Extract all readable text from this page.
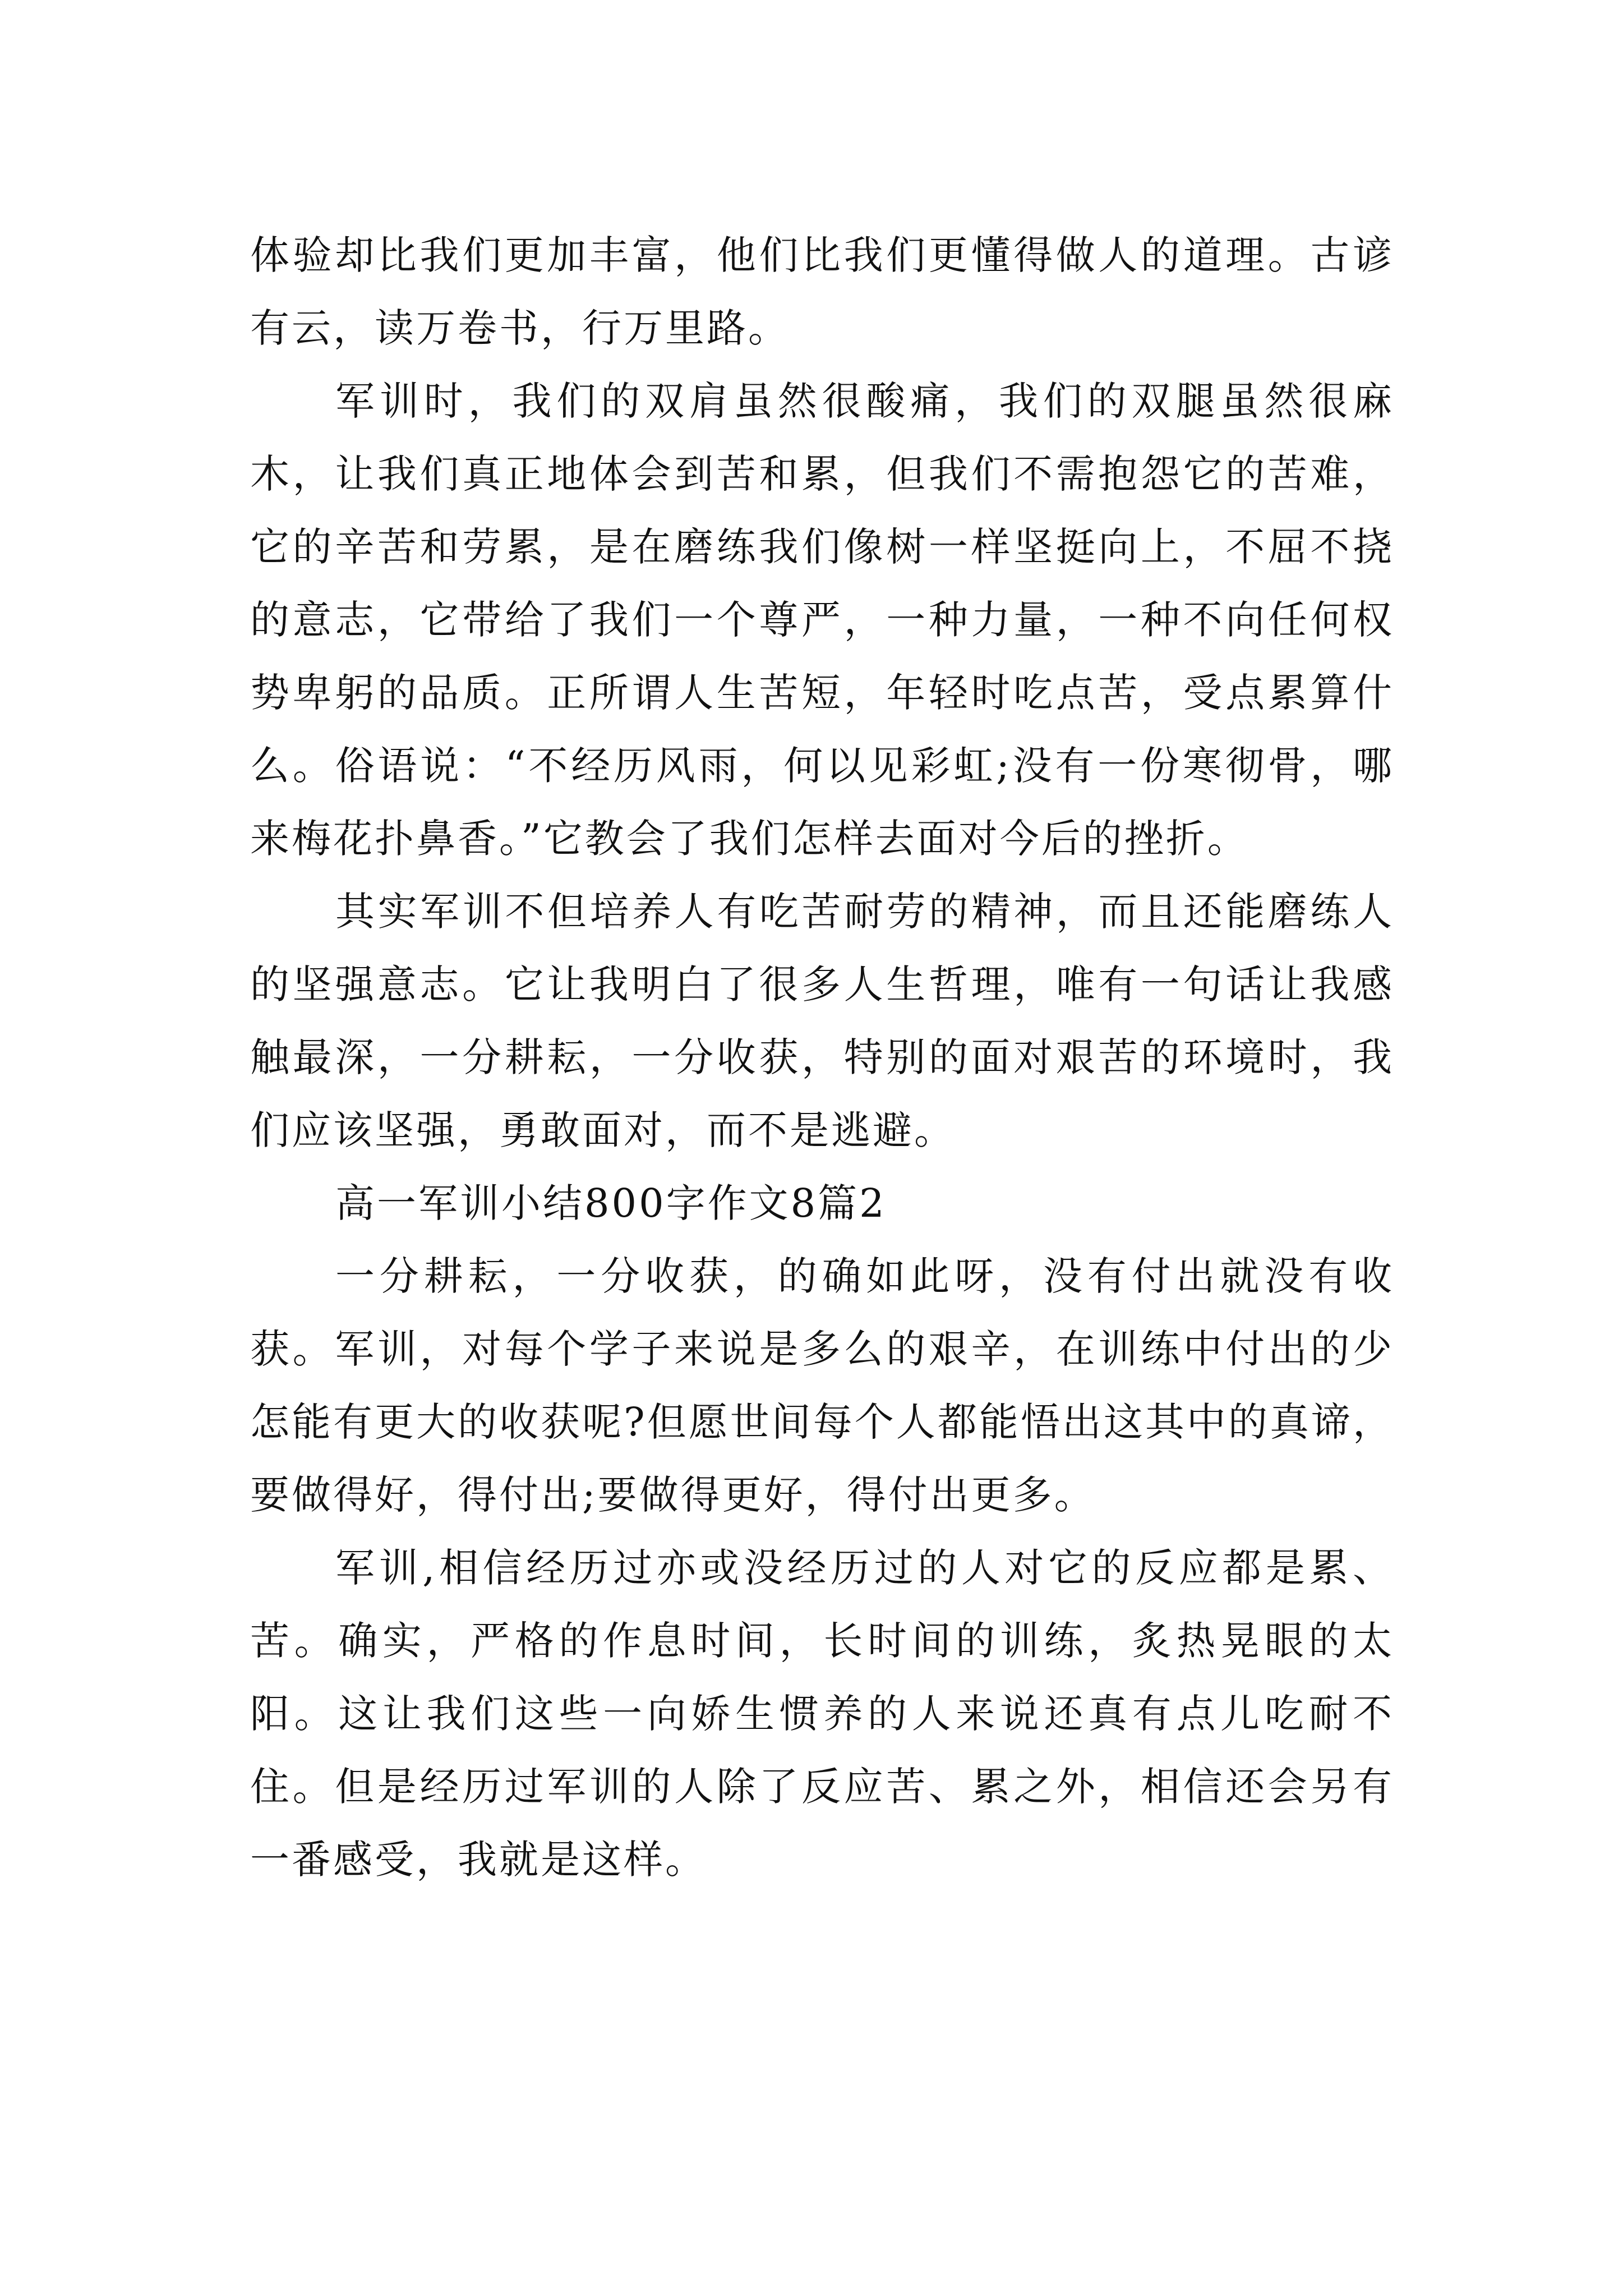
体验却比我们更加丰富，他们比我们更懂得做人的道理。古谚有云，读万卷书，行万里路。

军训时，我们的双肩虽然很酸痛，我们的双腿虽然很麻木，让我们真正地体会到苦和累，但我们不需抱怨它的苦难，它的辛苦和劳累，是在磨练我们像树一样坚挺向上，不屈不挠的意志，它带给了我们一个尊严，一种力量，一种不向任何权势卑躬的品质。正所谓人生苦短，年轻时吃点苦，受点累算什么。俗语说：“不经历风雨，何以见彩虹;没有一份寒彻骨，哪来梅花扑鼻香。”它教会了我们怎样去面对今后的挫折。

其实军训不但培养人有吃苦耐劳的精神，而且还能磨练人的坚强意志。它让我明白了很多人生哲理，唯有一句话让我感触最深，一分耕耘，一分收获，特别的面对艰苦的环境时，我们应该坚强，勇敢面对，而不是逃避。

高一军训小结800字作文8篇2

一分耕耘，一分收获，的确如此呀，没有付出就没有收获。军训，对每个学子来说是多么的艰辛，在训练中付出的少怎能有更大的收获呢?但愿世间每个人都能悟出这其中的真谛，要做得好，得付出;要做得更好，得付出更多。

军训,相信经历过亦或没经历过的人对它的反应都是累、苦。确实，严格的作息时间，长时间的训练，炙热晃眼的太阳。这让我们这些一向娇生惯养的人来说还真有点儿吃耐不住。但是经历过军训的人除了反应苦、累之外，相信还会另有一番感受，我就是这样。
